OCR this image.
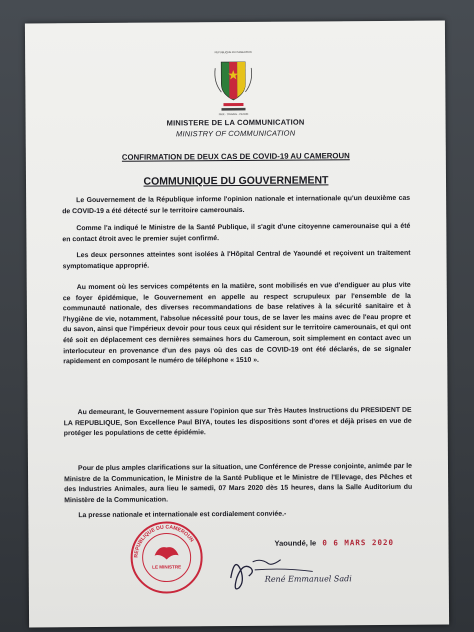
REPUBLIQUE DU CAMEROUN
PAIX - TRAVAIL - PATRIE
MINISTERE DE LA COMMUNICATION
MINISTRY OF COMMUNICATION
CONFIRMATION DE DEUX CAS DE COVID-19 AU CAMEROUN
COMMUNIQUE DU GOUVERNEMENT
Le Gouvernement de la République informe l'opinion nationale et internationale qu'un deuxième cas de COVID-19 a été détecté sur le territoire camerounais.
Comme l'a indiqué le Ministre de la Santé Publique, il s'agit d'une citoyenne camerounaise qui a été en contact étroit avec le premier sujet confirmé.
Les deux personnes atteintes sont isolées à l'Hôpital Central de Yaoundé et reçoivent un traitement symptomatique approprié.
Au moment où les services compétents en la matière, sont mobilisés en vue d'endiguer au plus vite ce foyer épidémique, le Gouvernement en appelle au respect scrupuleux par l'ensemble de la communauté nationale, des diverses recommandations de base relatives à la sécurité sanitaire et à l'hygiène de vie, notamment, l'absolue nécessité pour tous, de se laver les mains avec de l'eau propre et du savon, ainsi que l'impérieux devoir pour tous ceux qui résident sur le territoire camerounais, et qui ont été soit en déplacement ces dernières semaines hors du Cameroun, soit simplement en contact avec un interlocuteur en provenance d'un des pays où des cas de COVID-19 ont été déclarés, de se signaler rapidement en composant le numéro de téléphone « 1510 ».
Au demeurant, le Gouvernement assure l'opinion que sur Très Hautes Instructions du PRESIDENT DE LA REPUBLIQUE, Son Excellence Paul BIYA, toutes les dispositions sont d'ores et déjà prises en vue de protéger les populations de cette épidémie.
Pour de plus amples clarifications sur la situation, une Conférence de Presse conjointe, animée par le Ministre de la Communication, le Ministre de la Santé Publique et le Ministre de l'Elevage, des Pêches et des Industries Animales, aura lieu le samedi, 07 Mars 2020 dès 15 heures, dans la Salle Auditorium du Ministère de la Communication.
La presse nationale et internationale est cordialement conviée.-
REPUBLIQUE DU CAMEROUN
LE MINISTRE
Yaoundé, le 0 6 MARS 2020
René Emmanuel Sadi
